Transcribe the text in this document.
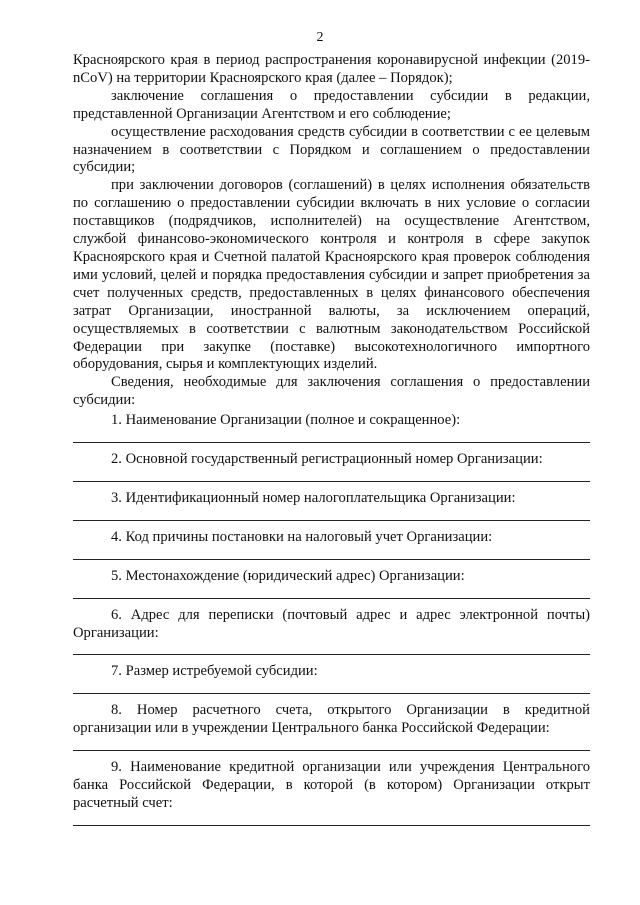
2

Красноярского края в период распространения коронавирусной инфекции (2019-nCoV) на территории Красноярского края (далее – Порядок);

заключение соглашения о предоставлении субсидии в редакции, представленной Организации Агентством и его соблюдение;

осуществление расходования средств субсидии в соответствии с ее целевым назначением в соответствии с Порядком и соглашением о предоставлении субсидии;

при заключении договоров (соглашений) в целях исполнения обязательств по соглашению о предоставлении субсидии включать в них условие о согласии поставщиков (подрядчиков, исполнителей) на осуществление Агентством, службой финансово-экономического контроля и контроля в сфере закупок Красноярского края и Счетной палатой Красноярского края проверок соблюдения ими условий, целей и порядка предоставления субсидии и запрет приобретения за счет полученных средств, предоставленных в целях финансового обеспечения затрат Организации, иностранной валюты, за исключением операций, осуществляемых в соответствии с валютным законодательством Российской Федерации при закупке (поставке) высокотехнологичного импортного оборудования, сырья и комплектующих изделий.

Сведения, необходимые для заключения соглашения о предоставлении субсидии:

1. Наименование Организации (полное и сокращенное):
2. Основной государственный регистрационный номер Организации:
3. Идентификационный номер налогоплательщика Организации:
4. Код причины постановки на налоговый учет Организации:
5. Местонахождение (юридический адрес) Организации:
6. Адрес для переписки (почтовый адрес и адрес электронной почты) Организации:
7. Размер истребуемой субсидии:
8. Номер расчетного счета, открытого Организации в кредитной организации или в учреждении Центрального банка Российской Федерации:
9. Наименование кредитной организации или учреждения Центрального банка Российской Федерации, в которой (в котором) Организации открыт расчетный счет:
